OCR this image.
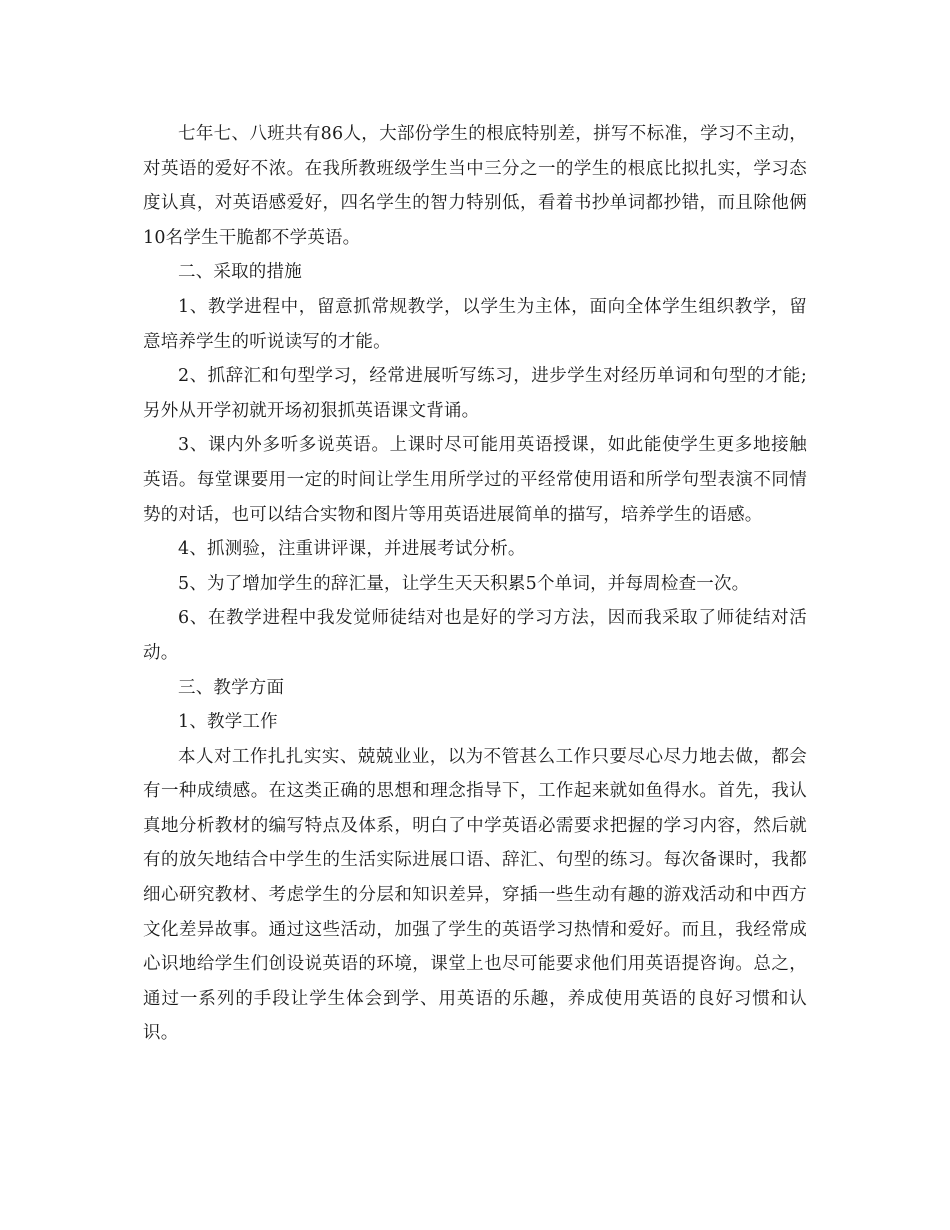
七年七、八班共有86人，大部份学生的根底特别差，拼写不标准，学习不主动，对英语的爱好不浓。在我所教班级学生当中三分之一的学生的根底比拟扎实，学习态度认真，对英语感爱好，四名学生的智力特别低，看着书抄单词都抄错，而且除他俩10名学生干脆都不学英语。

二、采取的措施

1、教学进程中，留意抓常规教学，以学生为主体，面向全体学生组织教学，留意培养学生的听说读写的才能。

2、抓辞汇和句型学习，经常进展听写练习，进步学生对经历单词和句型的才能;另外从开学初就开场初狠抓英语课文背诵。

3、课内外多听多说英语。上课时尽可能用英语授课，如此能使学生更多地接触英语。每堂课要用一定的时间让学生用所学过的平经常使用语和所学句型表演不同情势的对话，也可以结合实物和图片等用英语进展简单的描写，培养学生的语感。

4、抓测验，注重讲评课，并进展考试分析。

5、为了增加学生的辞汇量，让学生天天积累5个单词，并每周检查一次。

6、在教学进程中我发觉师徒结对也是好的学习方法，因而我采取了师徒结对活动。

三、教学方面

1、教学工作

本人对工作扎扎实实、兢兢业业，以为不管甚么工作只要尽心尽力地去做，都会有一种成绩感。在这类正确的思想和理念指导下，工作起来就如鱼得水。首先，我认真地分析教材的编写特点及体系，明白了中学英语必需要求把握的学习内容，然后就有的放矢地结合中学生的生活实际进展口语、辞汇、句型的练习。每次备课时，我都细心研究教材、考虑学生的分层和知识差异，穿插一些生动有趣的游戏活动和中西方文化差异故事。通过这些活动，加强了学生的英语学习热情和爱好。而且，我经常成心识地给学生们创设说英语的环境，课堂上也尽可能要求他们用英语提咨询。总之，通过一系列的手段让学生体会到学、用英语的乐趣，养成使用英语的良好习惯和认识。
